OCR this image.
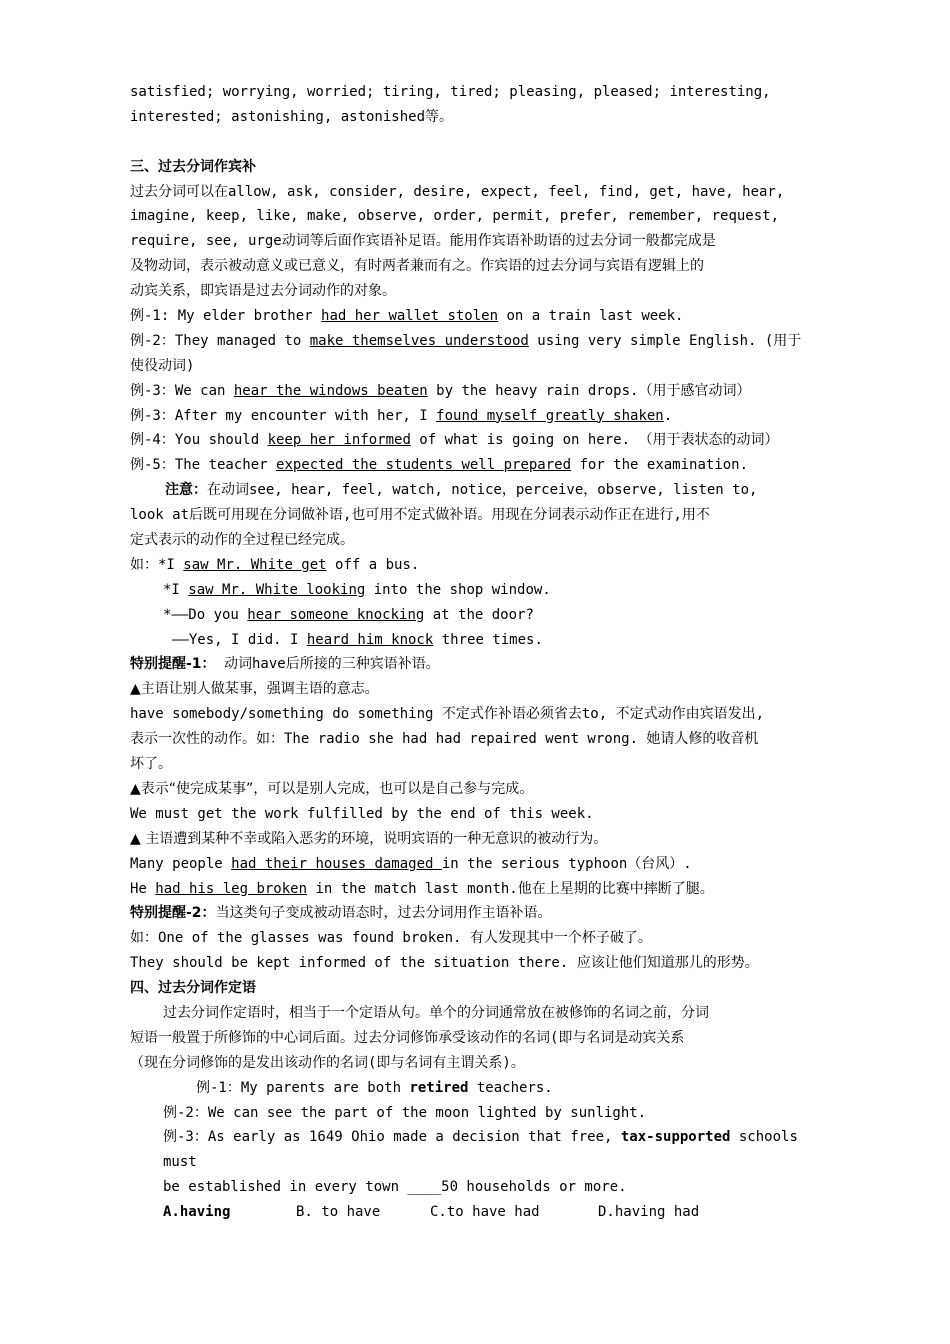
satisfied; worrying, worried; tiring, tired; pleasing, pleased; interesting,
interested; astonishing, astonished等。
三、过去分词作宾补
过去分词可以在allow, ask, consider, desire, expect, feel, find, get, have, hear,
imagine, keep, like, make, observe, order, permit, prefer, remember, request,
require, see, urge动词等后面作宾语补足语。能用作宾语补助语的过去分词一般都完成是
及物动词，表示被动意义或已意义，有时两者兼而有之。作宾语的过去分词与宾语有逻辑上的
动宾关系，即宾语是过去分词动作的对象。
例-1: My elder brother had her wallet stolen on a train last week.
例-2：They managed to make themselves understood using very simple English. (用于
使役动词)
例-3：We can hear the windows beaten by the heavy rain drops.（用于感官动词）
例-3：After my encounter with her, I found myself greatly shaken.
例-4：You should keep her informed of what is going on here. （用于表状态的动词）
例-5：The teacher expected the students well prepared for the examination.
注意：在动词see, hear, feel, watch, notice，perceive，observe, listen to,
look at后既可用现在分词做补语,也可用不定式做补语。用现在分词表示动作正在进行,用不
定式表示的动作的全过程已经完成。
如：*I saw Mr. White get off a bus.
*I saw Mr. White looking into the shop window.
*——Do you hear someone knocking at the door?
——Yes, I did. I heard him knock three times.
特别提醒-1： 动词have后所接的三种宾语补语。
▲主语让别人做某事，强调主语的意志。
have somebody/something do something 不定式作补语必须省去to, 不定式动作由宾语发出,
表示一次性的动作。如：The radio she had had repaired went wrong. 她请人修的收音机
坏了。
▲表示“使完成某事”，可以是别人完成，也可以是自己参与完成。
We must get the work fulfilled by the end of this week.
▲ 主语遭到某种不幸或陷入恶劣的环境，说明宾语的一种无意识的被动行为。
Many people had their houses damaged in the serious typhoon（台风）.
He had his leg broken in the match last month.他在上星期的比赛中摔断了腿。
特别提醒-2：当这类句子变成被动语态时，过去分词用作主语补语。
如：One of the glasses was found broken. 有人发现其中一个杯子破了。
They should be kept informed of the situation there. 应该让他们知道那儿的形势。
四、过去分词作定语
过去分词作定语时，相当于一个定语从句。单个的分词通常放在被修饰的名词之前，分词
短语一般置于所修饰的中心词后面。过去分词修饰承受该动作的名词(即与名词是动宾关系
（现在分词修饰的是发出该动作的名词(即与名词有主谓关系)。
例-1：My parents are both retired teachers.
例-2：We can see the part of the moon lighted by sunlight.
例-3：As early as 1649 Ohio made a decision that free, tax-supported schools
must
be established in every town ____50 households or more.
A.having	B. to have	C.to have had	D.having had
